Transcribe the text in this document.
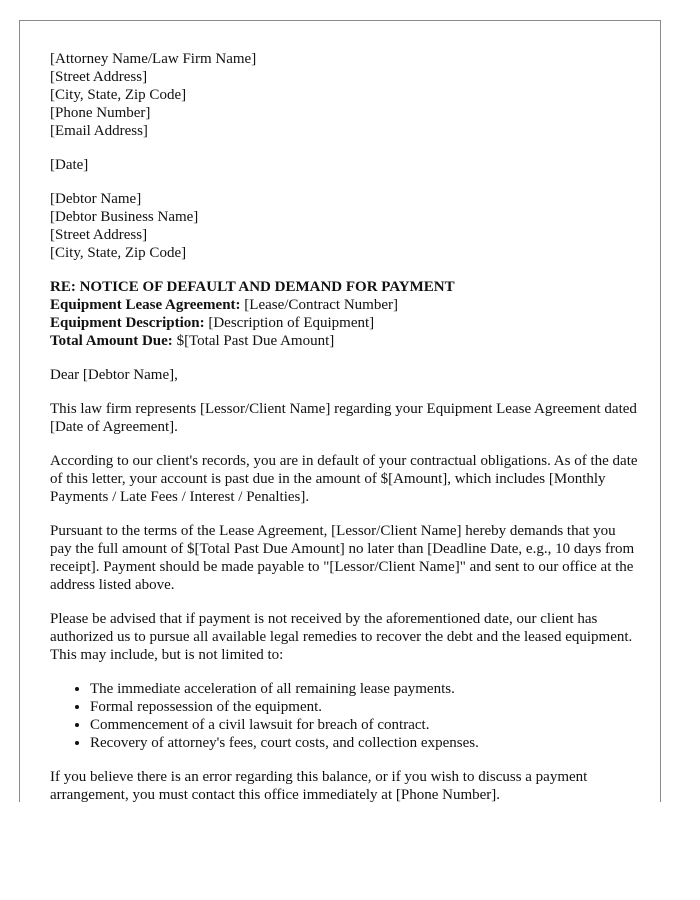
[Attorney Name/Law Firm Name]
[Street Address]
[City, State, Zip Code]
[Phone Number]
[Email Address]
[Date]
[Debtor Name]
[Debtor Business Name]
[Street Address]
[City, State, Zip Code]
RE: NOTICE OF DEFAULT AND DEMAND FOR PAYMENT
Equipment Lease Agreement: [Lease/Contract Number]
Equipment Description: [Description of Equipment]
Total Amount Due: $[Total Past Due Amount]

Dear [Debtor Name],

This law firm represents [Lessor/Client Name] regarding your Equipment Lease Agreement dated [Date of Agreement].

According to our client's records, you are in default of your contractual obligations. As of the date of this letter, your account is past due in the amount of $[Amount], which includes [Monthly Payments / Late Fees / Interest / Penalties].

Pursuant to the terms of the Lease Agreement, [Lessor/Client Name] hereby demands that you pay the full amount of $[Total Past Due Amount] no later than [Deadline Date, e.g., 10 days from receipt]. Payment should be made payable to "[Lessor/Client Name]" and sent to our office at the address listed above.

Please be advised that if payment is not received by the aforementioned date, our client has authorized us to pursue all available legal remedies to recover the debt and the leased equipment. This may include, but is not limited to:

• The immediate acceleration of all remaining lease payments.
• Formal repossession of the equipment.
• Commencement of a civil lawsuit for breach of contract.
• Recovery of attorney's fees, court costs, and collection expenses.

If you believe there is an error regarding this balance, or if you wish to discuss a payment arrangement, you must contact this office immediately at [Phone Number].
